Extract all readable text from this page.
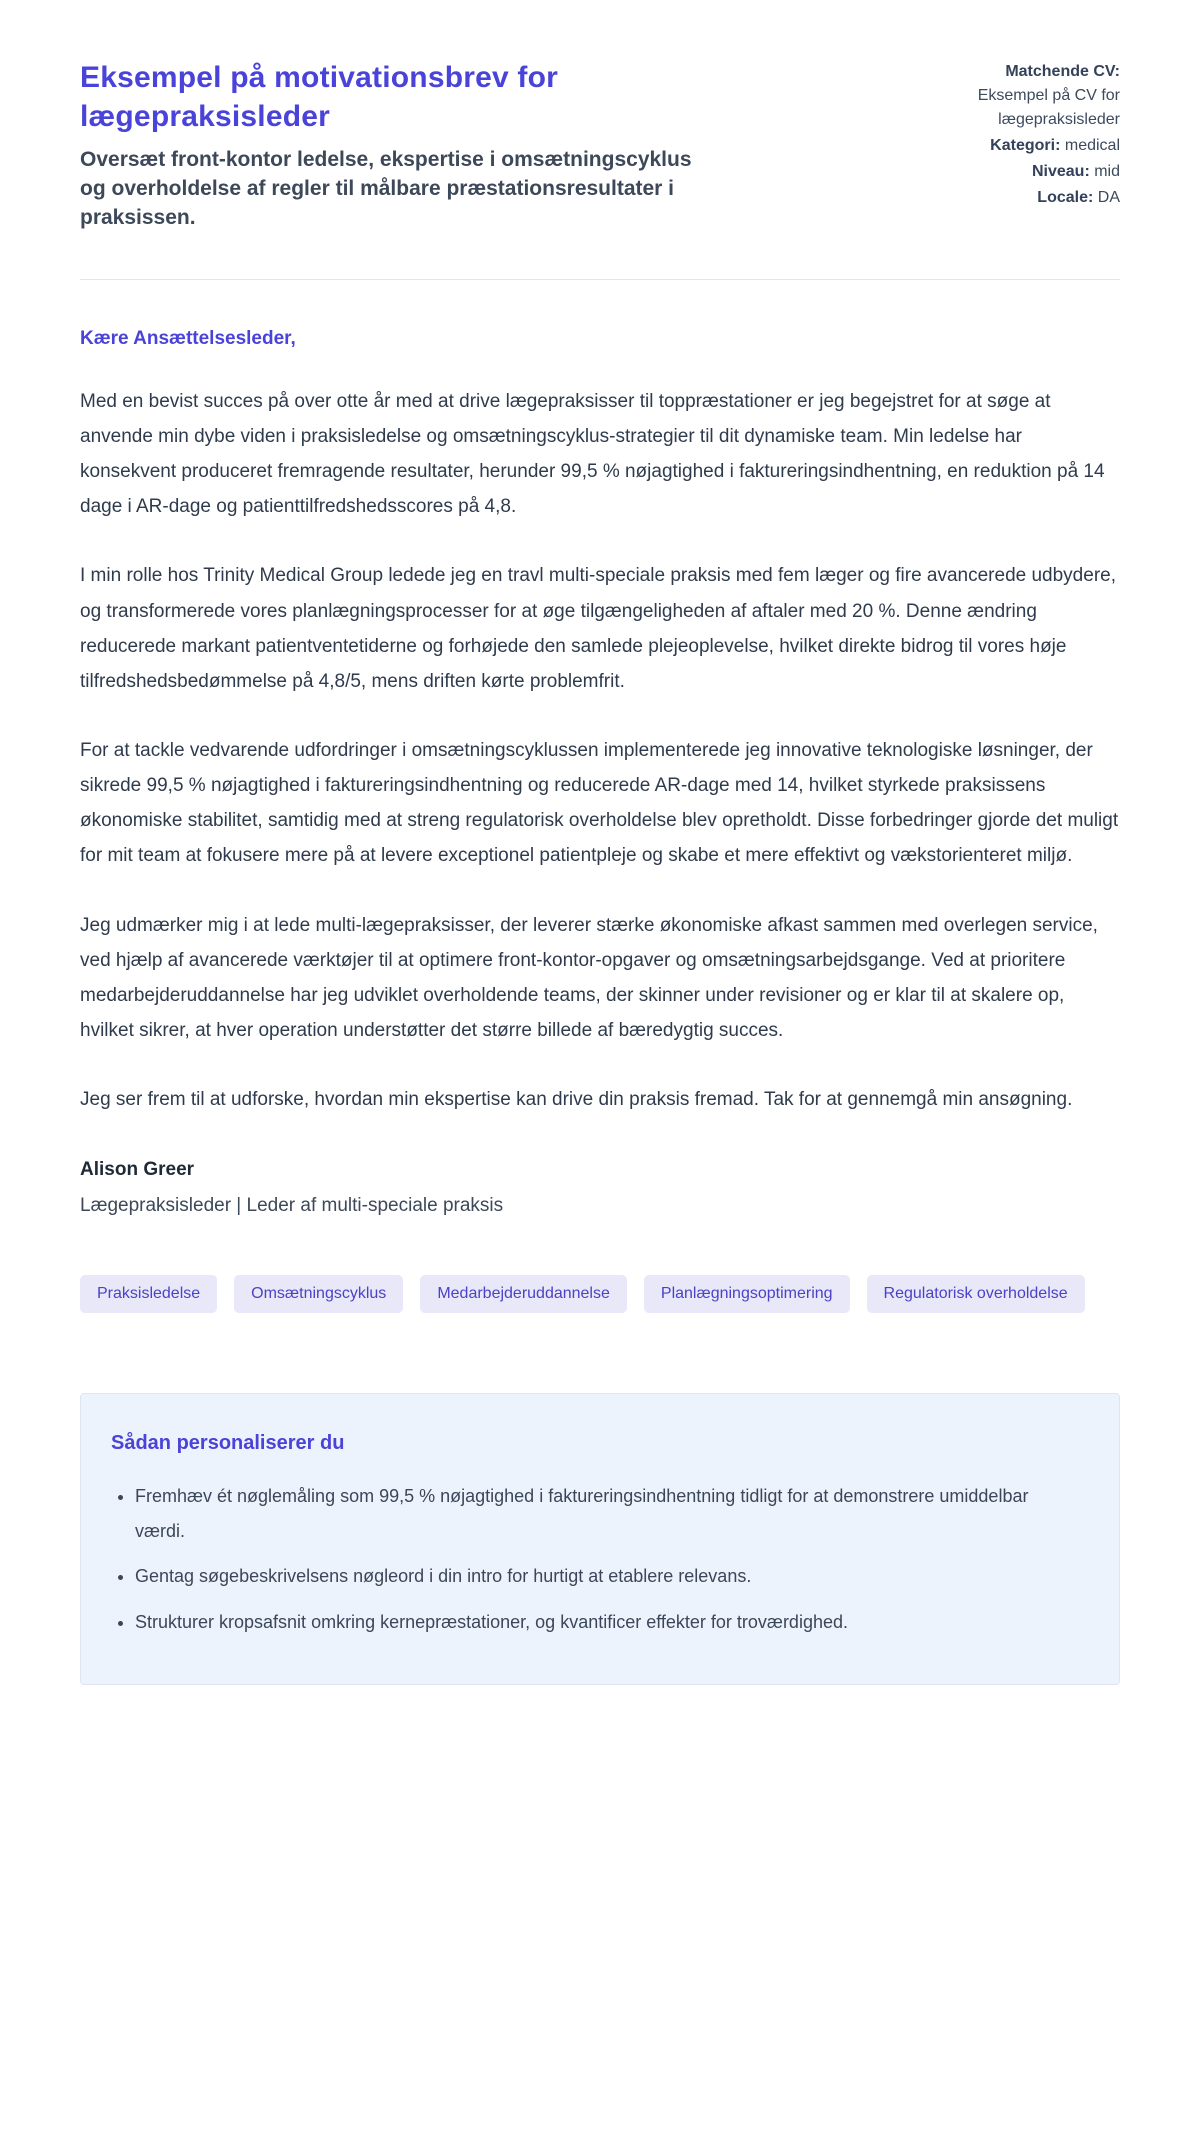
Eksempel på motivationsbrev for lægepraksisleder
Oversæt front-kontor ledelse, ekspertise i omsætningscyklus og overholdelse af regler til målbare præstationsresultater i praksissen.
Matchende CV:
Eksempel på CV for lægepraksisleder
Kategori: medical
Niveau: mid
Locale: DA
Kære Ansættelsesleder,

Med en bevist succes på over otte år med at drive lægepraksisser til toppræstationer er jeg begejstret for at søge at anvende min dybe viden i praksisledelse og omsætningscyklus-strategier til dit dynamiske team. Min ledelse har konsekvent produceret fremragende resultater, herunder 99,5 % nøjagtighed i faktureringsindhentning, en reduktion på 14 dage i AR-dage og patienttilfredshedsscores på 4,8.

I min rolle hos Trinity Medical Group ledede jeg en travl multi-speciale praksis med fem læger og fire avancerede udbydere, og transformerede vores planlægningsprocesser for at øge tilgængeligheden af aftaler med 20 %. Denne ændring reducerede markant patientventetiderne og forhøjede den samlede plejeoplevelse, hvilket direkte bidrog til vores høje tilfredshedsbedømmelse på 4,8/5, mens driften kørte problemfrit.

For at tackle vedvarende udfordringer i omsætningscyklussen implementerede jeg innovative teknologiske løsninger, der sikrede 99,5 % nøjagtighed i faktureringsindhentning og reducerede AR-dage med 14, hvilket styrkede praksissens økonomiske stabilitet, samtidig med at streng regulatorisk overholdelse blev opretholdt. Disse forbedringer gjorde det muligt for mit team at fokusere mere på at levere exceptionel patientpleje og skabe et mere effektivt og vækstorienteret miljø.

Jeg udmærker mig i at lede multi-lægepraksisser, der leverer stærke økonomiske afkast sammen med overlegen service, ved hjælp af avancerede værktøjer til at optimere front-kontor-opgaver og omsætningsarbejdsgange. Ved at prioritere medarbejderuddannelse har jeg udviklet overholdende teams, der skinner under revisioner og er klar til at skalere op, hvilket sikrer, at hver operation understøtter det større billede af bæredygtig succes.

Jeg ser frem til at udforske, hvordan min ekspertise kan drive din praksis fremad. Tak for at gennemgå min ansøgning.

Alison Greer
Lægepraksisleder | Leder af multi-speciale praksis
Praksisledelse	Omsætningscyklus	Medarbejderuddannelse	Planlægningsoptimering	Regulatorisk overholdelse
Sådan personaliserer du
• Fremhæv ét nøglemåling som 99,5 % nøjagtighed i faktureringsindhentning tidligt for at demonstrere umiddelbar værdi.
• Gentag søgebeskrivelsens nøgleord i din intro for hurtigt at etablere relevans.
• Strukturer kropsafsnit omkring kernepræstationer, og kvantificer effekter for troværdighed.
